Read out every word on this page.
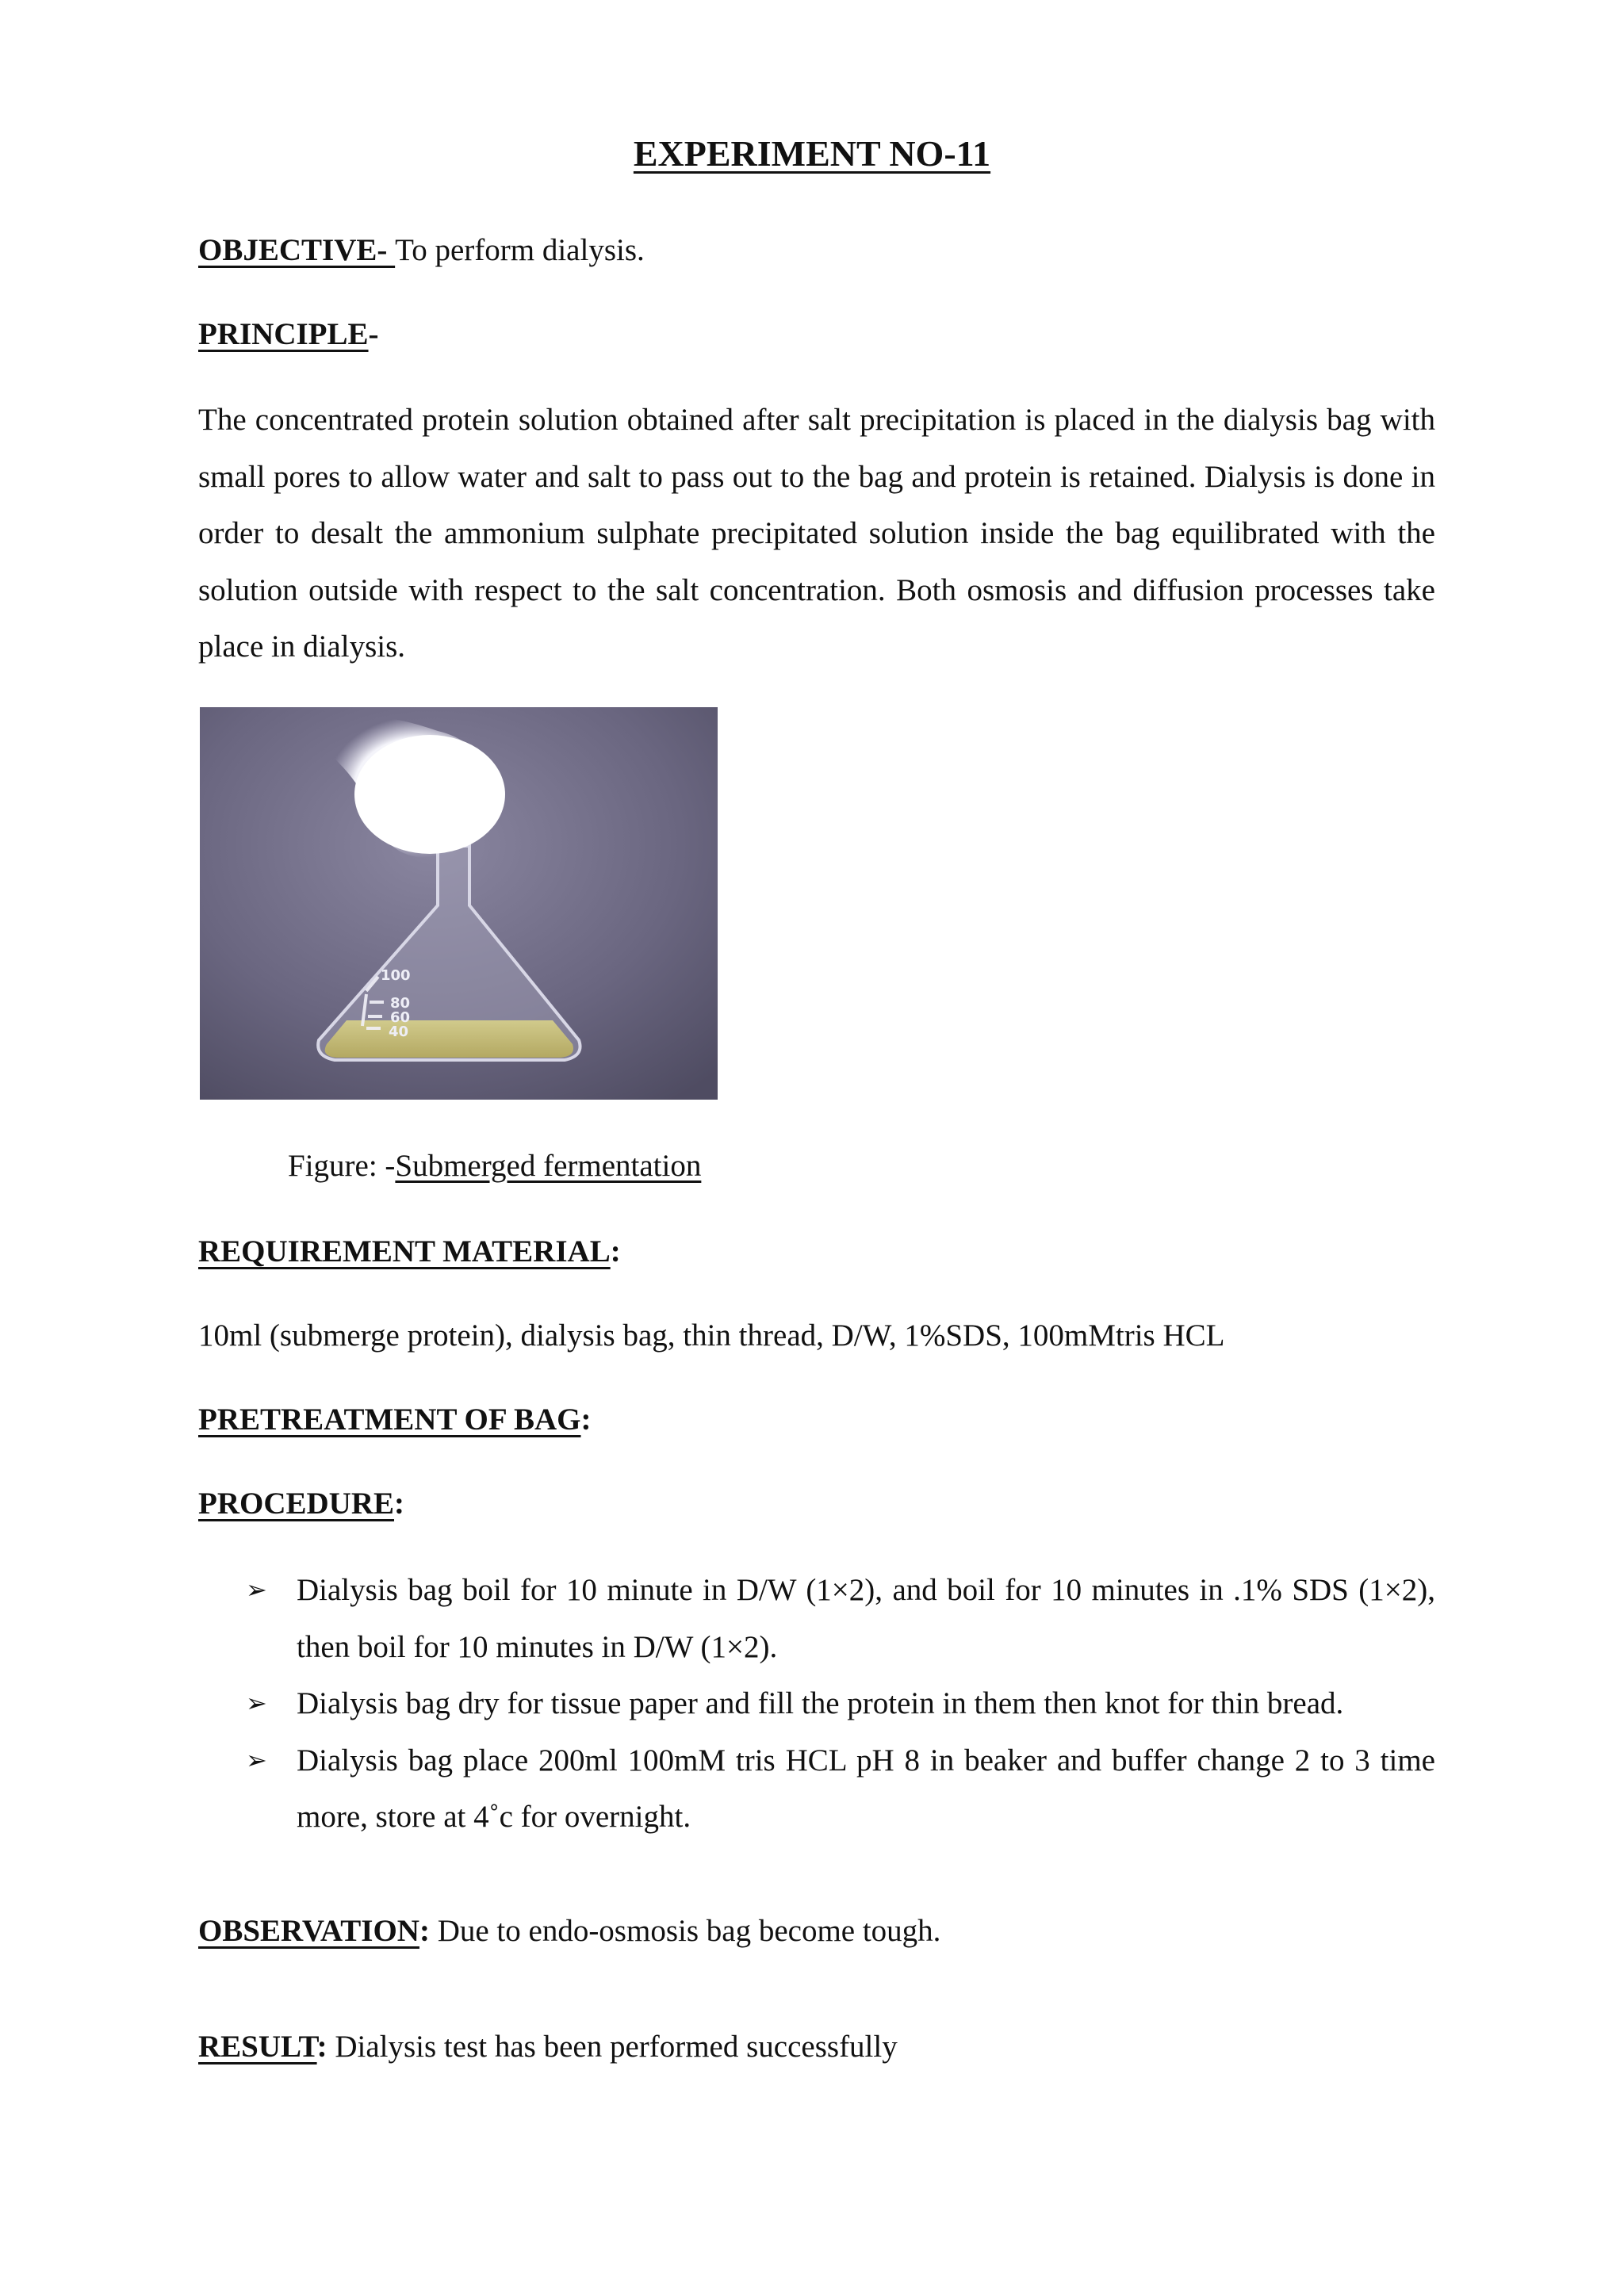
EXPERIMENT NO-11
OBJECTIVE- To perform dialysis.
PRINCIPLE-
The concentrated protein solution obtained after salt precipitation is placed in the dialysis bag with small pores to allow water and salt to pass out to the bag and protein is retained. Dialysis is done in order to desalt the ammonium sulphate precipitated solution inside the bag equilibrated with the solution outside with respect to the salt concentration. Both osmosis and diffusion processes take place in dialysis.
100
80
60
40
Figure: -Submerged fermentation
REQUIREMENT MATERIAL:
10ml (submerge protein), dialysis bag, thin thread, D/W, 1%SDS, 100mMtris HCL
PRETREATMENT OF BAG:
PROCEDURE:
➢ Dialysis bag boil for 10 minute in D/W (1×2), and boil for 10 minutes in .1% SDS (1×2), then boil for 10 minutes in D/W (1×2).
➢ Dialysis bag dry for tissue paper and fill the protein in them then knot for thin bread.
➢ Dialysis bag place 200ml 100mM tris HCL pH 8 in beaker and buffer change 2 to 3 time more, store at 4˚c for overnight.
OBSERVATION: Due to endo-osmosis bag become tough.
RESULT: Dialysis test has been performed successfully
